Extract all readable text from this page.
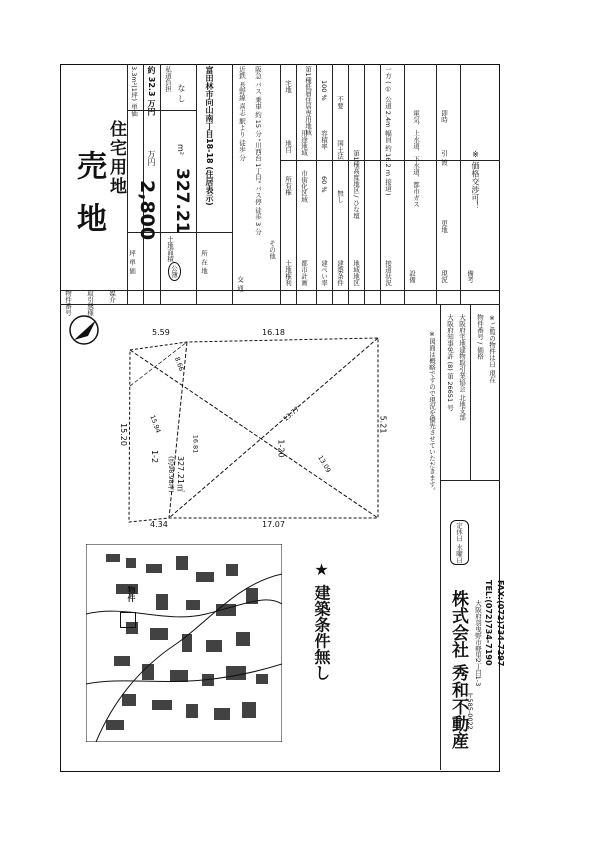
物件番号 取引態様 媒介
売 地 住宅用地
2,800
万円
3.3m²(1坪) 単価 約 32.3 万円
坪 単 価	公簿
土地面積
327.21
m²
私道負担
な し
所 在 地
富田林市向山南丁目18-18 (住居表示)
交 通
近鉄 長野線 喜志 駅より 徒歩 分 阪急 バス 乗車 約 15 分 "川西台 1丁目" バス停 徒歩 3 分
その他
土地権利
所有権
地目
宅地
都市計画
市街化区域
用途地域
第1種低層住居専用地域
建ぺい率
60 %
容積率
100 %
建築条件
無し
国土法
不要
地域地区
第1種高度地区 / ひな壇
接道状況
一方 ( ① 公道 2.4m 幅員 約 16.2 m 接道 )
設備
電気、上水道、下水道、都市ガス
現況
更地
引 渡
即時
備考
※ 価格交渉可！
5.59	16.18
15.20	5.21
4.34	17.07
8.66
16.81
15.94
13.09
13.77
1-2	1-20
327.21㎡
(約98.98坪)	※図面は概略ですので現況を優先させていただきます。 大阪府知事免許 (8) 第 26651 号 大阪府宅地建物取引業協会 北地支部 物件番号 / 価格 ※ご覧の物件は日 現在
物件	★ 建築条件無し	株式会社 秀和不動産
〒585-0022
大阪府羽曳野市軽里2丁目1-3 TEL:(072)734-7190 FAX:(072)734-7297
定休日 水曜日
